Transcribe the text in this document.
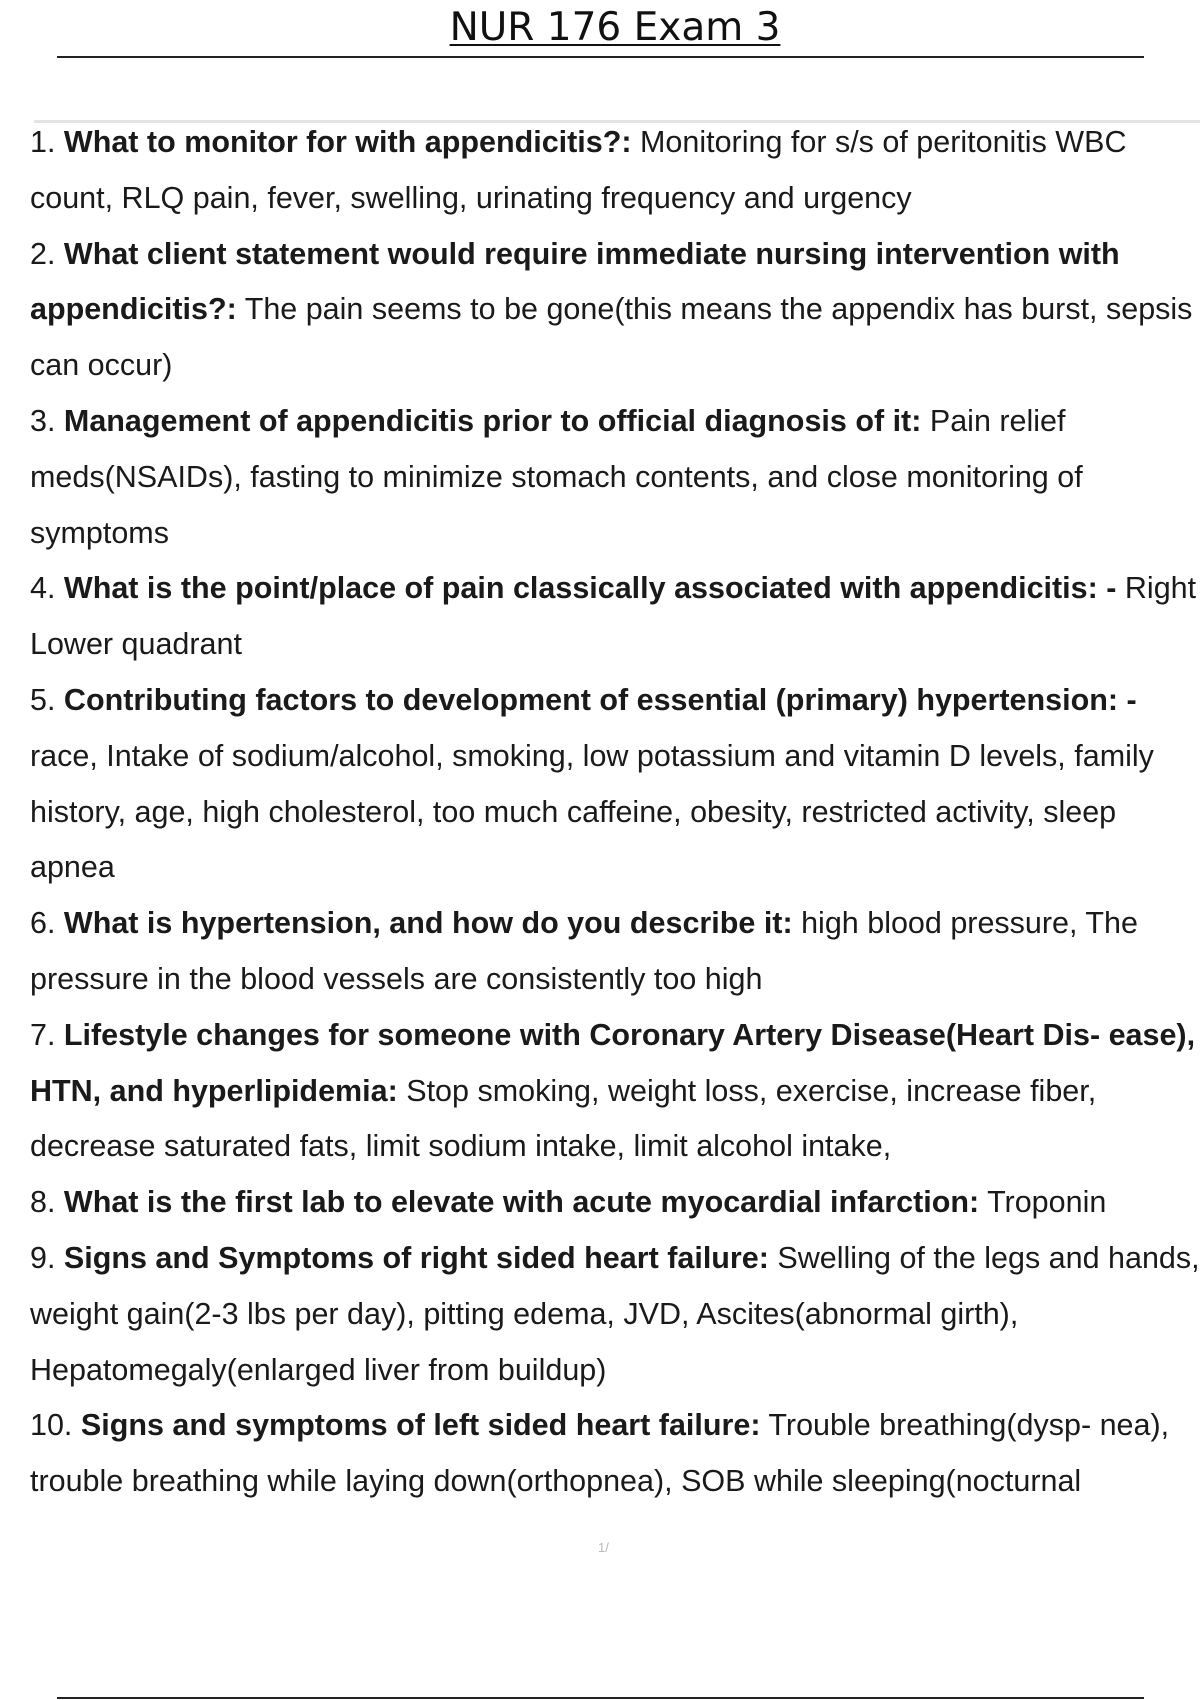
NUR 176 Exam 3
1. What to monitor for with appendicitis?: Monitoring for s/s of peritonitis WBC count, RLQ pain, fever, swelling, urinating frequency and urgency
2. What client statement would require immediate nursing intervention with appendicitis?: The pain seems to be gone(this means the appendix has burst, sepsis can occur)
3. Management of appendicitis prior to official diagnosis of it: Pain relief meds(NSAIDs), fasting to minimize stomach contents, and close monitoring of symptoms
4. What is the point/place of pain classically associated with appendicitis: - Right Lower quadrant
5. Contributing factors to development of essential (primary) hypertension: - race, Intake of sodium/alcohol, smoking, low potassium and vitamin D levels, family history, age, high cholesterol, too much caffeine, obesity, restricted activity, sleep apnea
6. What is hypertension, and how do you describe it: high blood pressure, The pressure in the blood vessels are consistently too high
7. Lifestyle changes for someone with Coronary Artery Disease(Heart Dis- ease), HTN, and hyperlipidemia: Stop smoking, weight loss, exercise, increase fiber, decrease saturated fats, limit sodium intake, limit alcohol intake,
8. What is the first lab to elevate with acute myocardial infarction: Troponin
9. Signs and Symptoms of right sided heart failure: Swelling of the legs and hands, weight gain(2-3 lbs per day), pitting edema, JVD, Ascites(abnormal girth), Hepatomegaly(enlarged liver from buildup)
10. Signs and symptoms of left sided heart failure: Trouble breathing(dysp- nea), trouble breathing while laying down(orthopnea), SOB while sleeping(nocturnal
1/
